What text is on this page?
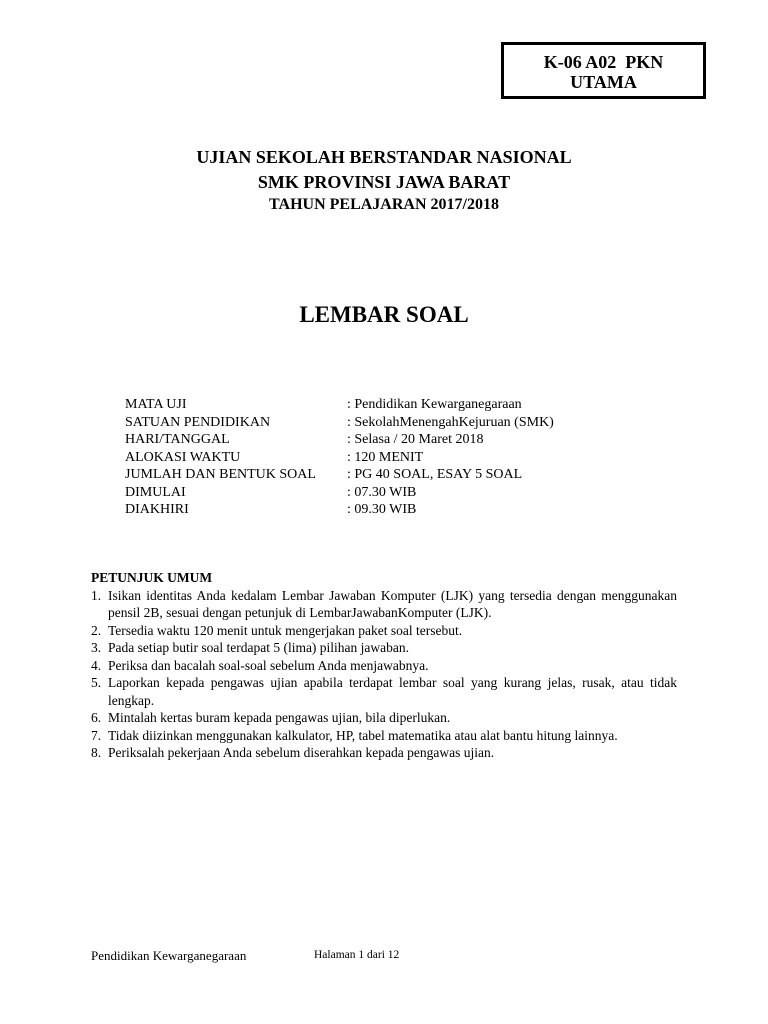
K-06 A02  PKN
UTAMA
UJIAN SEKOLAH BERSTANDAR NASIONAL
SMK PROVINSI JAWA BARAT
TAHUN PELAJARAN 2017/2018
LEMBAR SOAL
MATA UJI	: Pendidikan Kewarganegaraan
SATUAN PENDIDIKAN	: SekolahMenengahKejuruan (SMK)
HARI/TANGGAL	: Selasa / 20 Maret 2018
ALOKASI WAKTU	: 120 MENIT
JUMLAH DAN BENTUK SOAL	: PG 40 SOAL, ESAY 5 SOAL
DIMULAI	: 07.30 WIB
DIAKHIRI	: 09.30 WIB
PETUNJUK UMUM
1. Isikan identitas Anda kedalam Lembar Jawaban Komputer (LJK) yang tersedia dengan menggunakan pensil 2B, sesuai dengan petunjuk di LembarJawabanKomputer (LJK).
2. Tersedia waktu 120 menit untuk mengerjakan paket soal tersebut.
3. Pada setiap butir soal terdapat 5 (lima) pilihan jawaban.
4. Periksa dan bacalah soal-soal sebelum Anda menjawabnya.
5. Laporkan kepada pengawas ujian apabila terdapat lembar soal yang kurang jelas, rusak, atau tidak lengkap.
6. Mintalah kertas buram kepada pengawas ujian, bila diperlukan.
7. Tidak diizinkan menggunakan kalkulator, HP, tabel matematika atau alat bantu hitung lainnya.
8. Periksalah pekerjaan Anda sebelum diserahkan kepada pengawas ujian.
Pendidikan Kewarganegaraan	Halaman 1 dari 12
